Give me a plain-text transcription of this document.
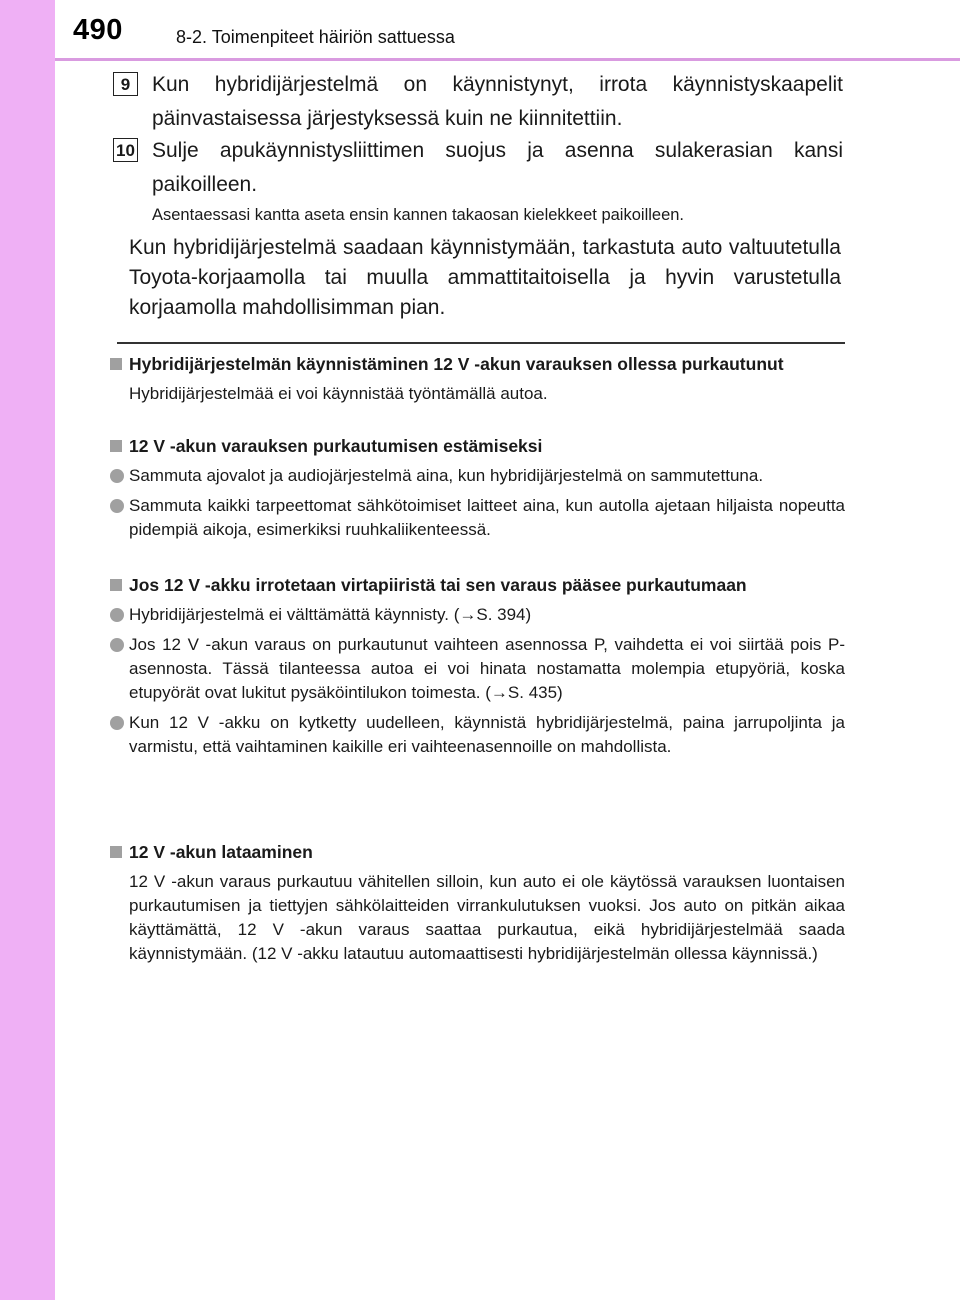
490	8-2. Toimenpiteet häiriön sattuessa
9	Kun hybridijärjestelmä on käynnistynyt, irrota käynnistyskaapelit päinvastaisessa järjestyksessä kuin ne kiinnitettiin.
10 Sulje apukäynnistysliittimen suojus ja asenna sulakerasian kansi paikoilleen.
Asentaessasi kantta aseta ensin kannen takaosan kielekkeet paikoilleen.
Kun hybridijärjestelmä saadaan käynnistymään, tarkastuta auto valtuutetulla Toyota-korjaamolla tai muulla ammattitaitoisella ja hyvin varustetulla korjaamolla mahdollisimman pian.
Hybridijärjestelmän käynnistäminen 12 V -akun varauksen ollessa purkautunut
Hybridijärjestelmää ei voi käynnistää työntämällä autoa.
12 V -akun varauksen purkautumisen estämiseksi
Sammuta ajovalot ja audiojärjestelmä aina, kun hybridijärjestelmä on sammutettuna.
Sammuta kaikki tarpeettomat sähkötoimiset laitteet aina, kun autolla ajetaan hiljaista nopeutta pidempiä aikoja, esimerkiksi ruuhkaliikenteessä.
Jos 12 V -akku irrotetaan virtapiiristä tai sen varaus pääsee purkautumaan
Hybridijärjestelmä ei välttämättä käynnisty. (→S. 394)
Jos 12 V -akun varaus on purkautunut vaihteen asennossa P, vaihdetta ei voi siirtää pois P-asennosta. Tässä tilanteessa autoa ei voi hinata nostamatta molempia etupyöriä, koska etupyörät ovat lukitut pysäköintilukon toimesta. (→S. 435)
Kun 12 V -akku on kytketty uudelleen, käynnistä hybridijärjestelmä, paina jarrupoljinta ja varmistu, että vaihtaminen kaikille eri vaihteenasennoille on mahdollista.
12 V -akun lataaminen
12 V -akun varaus purkautuu vähitellen silloin, kun auto ei ole käytössä varauksen luontaisen purkautumisen ja tiettyjen sähkölaitteiden virrankulutuksen vuoksi. Jos auto on pitkän aikaa käyttämättä, 12 V -akun varaus saattaa purkautua, eikä hybridijärjestelmää saada käynnistymään. (12 V -akku latautuu automaattisesti hybridijärjestelmän ollessa käynnissä.)
